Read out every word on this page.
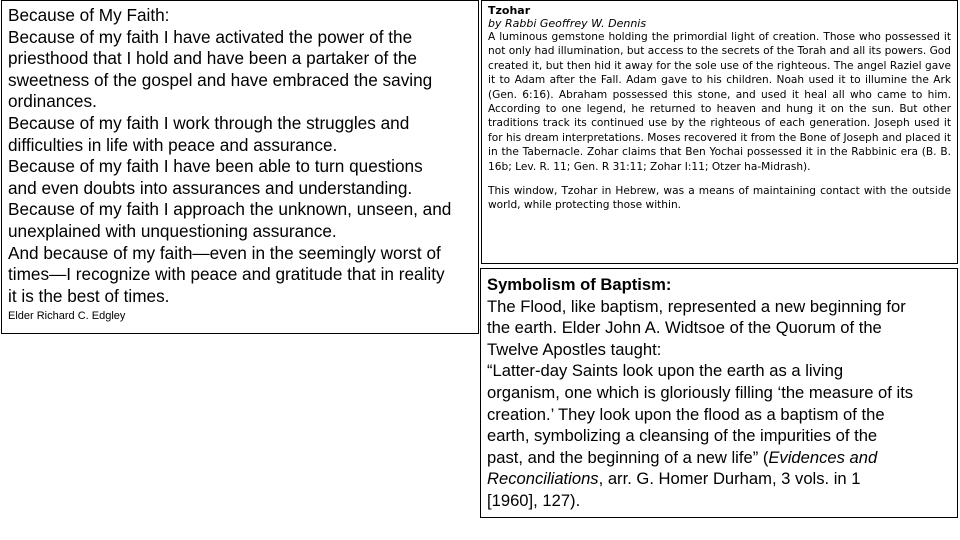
Because of My Faith:
Because of my faith I have activated the power of the
priesthood that I hold and have been a partaker of the
sweetness of the gospel and have embraced the saving
ordinances.
Because of my faith I work through the struggles and
difficulties in life with peace and assurance.
Because of my faith I have been able to turn questions
and even doubts into assurances and understanding.
Because of my faith I approach the unknown, unseen, and
unexplained with unquestioning assurance.
And because of my faith—even in the seemingly worst of
times—I recognize with peace and gratitude that in reality
it is the best of times.
Elder Richard C. Edgley
Tzohar
by Rabbi Geoffrey W. Dennis

A luminous gemstone holding the primordial light of creation. Those who possessed it not only had illumination, but access to the secrets of the Torah and all its powers. God created it, but then hid it away for the sole use of the righteous. The angel Raziel gave it to Adam after the Fall. Adam gave to his children. Noah used it to illumine the Ark (Gen. 6:16). Abraham possessed this stone, and used it heal all who came to him. According to one legend, he returned to heaven and hung it on the sun. But other traditions track its continued use by the righteous of each generation. Joseph used it for his dream interpretations. Moses recovered it from the Bone of Joseph and placed it in the Tabernacle. Zohar claims that Ben Yochai possessed it in the Rabbinic era (B. B. 16b; Lev. R. 11; Gen. R 31:11; Zohar I:11; Otzer ha-Midrash).

This window, Tzohar in Hebrew, was a means of maintaining contact with the outside world, while protecting those within.

Symbolism of Baptism:
The Flood, like baptism, represented a new beginning for
the earth. Elder John A. Widtsoe of the Quorum of the
Twelve Apostles taught:
“Latter-day Saints look upon the earth as a living
organism, one which is gloriously filling ‘the measure of its
creation.’ They look upon the flood as a baptism of the
earth, symbolizing a cleansing of the impurities of the
past, and the beginning of a new life” (Evidences and
Reconciliations, arr. G. Homer Durham, 3 vols. in 1
[1960], 127).
